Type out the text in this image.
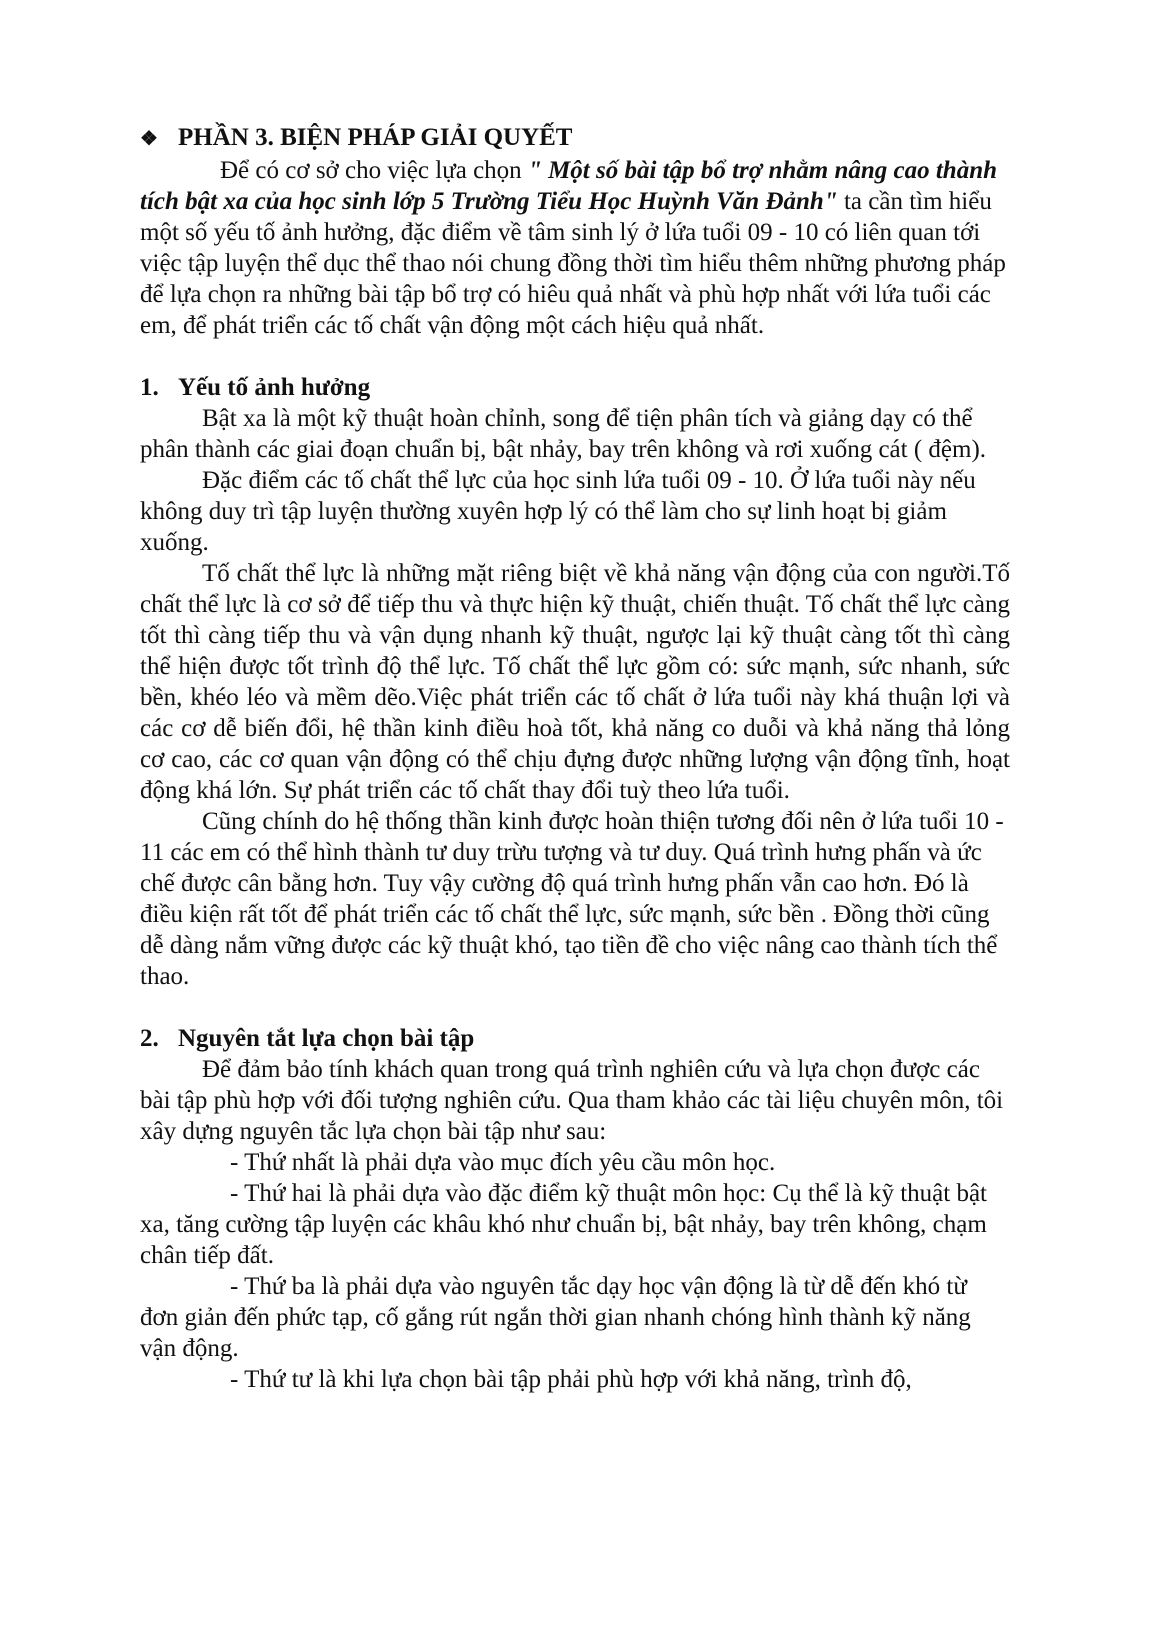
❖ PHẦN 3. BIỆN PHÁP GIẢI QUYẾT

Để có cơ sở cho việc lựa chọn " Một số bài tập bổ trợ nhằm nâng cao thành tích bật xa của học sinh lớp 5 Trường Tiểu Học Huỳnh Văn Đảnh" ta cần tìm hiểu một số yếu tố ảnh hưởng, đặc điểm về tâm sinh lý ở lứa tuổi 09 - 10 có liên quan tới việc tập luyện thể dục thể thao nói chung đồng thời tìm hiểu thêm những phương pháp để lựa chọn ra những bài tập bổ trợ có hiêu quả nhất và phù hợp nhất với lứa tuổi các em, để phát triển các tố chất vận động một cách hiệu quả nhất.

1. Yếu tố ảnh hưởng

Bật xa là một kỹ thuật hoàn chỉnh, song để tiện phân tích và giảng dạy có thể phân thành các giai đoạn chuẩn bị, bật nhảy, bay trên không và rơi xuống cát ( đệm).

Đặc điểm các tố chất thể lực của học sinh lứa tuổi 09 - 10. Ở lứa tuổi này nếu không duy trì tập luyện thường xuyên hợp lý có thể làm cho sự linh hoạt bị giảm xuống.

Tố chất thể lực là những mặt riêng biệt về khả năng vận động của con người.Tố chất thể lực là cơ sở để tiếp thu và thực hiện kỹ thuật, chiến thuật. Tố chất thể lực càng tốt thì càng tiếp thu và vận dụng nhanh kỹ thuật, ngược lại kỹ thuật càng tốt thì càng thể hiện được tốt trình độ thể lực. Tố chất thể lực gồm có: sức mạnh, sức nhanh, sức bền, khéo léo và mềm dẽo.Việc phát triển các tố chất ở lứa tuổi này khá thuận lợi và các cơ dễ biến đổi, hệ thần kinh điều hoà tốt, khả năng co duỗi và khả năng thả lỏng cơ cao, các cơ quan vận động có thể chịu đựng được những lượng vận động tĩnh, hoạt động khá lớn. Sự phát triển các tố chất thay đổi tuỳ theo lứa tuổi.

Cũng chính do hệ thống thần kinh được hoàn thiện tương đối nên ở lứa tuổi 10 - 11 các em có thể hình thành tư duy trừu tượng và tư duy. Quá trình hưng phấn và ức chế được cân bằng hơn. Tuy vậy cường độ quá trình hưng phấn vẫn cao hơn. Đó là điều kiện rất tốt để phát triển các tố chất thể lực, sức mạnh, sức bền . Đồng thời cũng dễ dàng nắm vững được các kỹ thuật khó, tạo tiền đề cho việc nâng cao thành tích thể thao.

2. Nguyên tắt lựa chọn bài tập

Để đảm bảo tính khách quan trong quá trình nghiên cứu và lựa chọn được các bài tập phù hợp với đối tượng nghiên cứu. Qua tham khảo các tài liệu chuyên môn, tôi xây dựng nguyên tắc lựa chọn bài tập như sau:

- Thứ nhất là phải dựa vào mục đích yêu cầu môn học.

- Thứ hai là phải dựa vào đặc điểm kỹ thuật môn học: Cụ thể là kỹ thuật bật xa, tăng cường tập luyện các khâu khó như chuẩn bị, bật nhảy, bay trên không, chạm chân tiếp đất.

- Thứ ba là phải dựa vào nguyên tắc dạy học vận động là từ dễ đến khó từ đơn giản đến phức tạp, cố gắng rút ngắn thời gian nhanh chóng hình thành kỹ năng vận động.

- Thứ tư là khi lựa chọn bài tập phải phù hợp với khả năng, trình độ,
